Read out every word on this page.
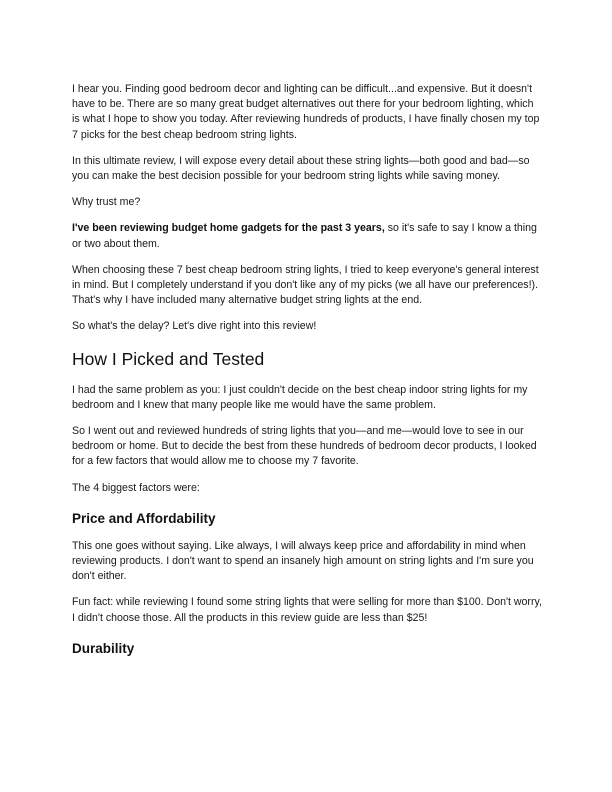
I hear you. Finding good bedroom decor and lighting can be difficult...and expensive. But it doesn't have to be. There are so many great budget alternatives out there for your bedroom lighting, which is what I hope to show you today. After reviewing hundreds of products, I have finally chosen my top 7 picks for the best cheap bedroom string lights.

In this ultimate review, I will expose every detail about these string lights—both good and bad—so you can make the best decision possible for your bedroom string lights while saving money.

Why trust me?

I've been reviewing budget home gadgets for the past 3 years, so it's safe to say I know a thing or two about them.

When choosing these 7 best cheap bedroom string lights, I tried to keep everyone's general interest in mind. But I completely understand if you don't like any of my picks (we all have our preferences!). That's why I have included many alternative budget string lights at the end.

So what's the delay? Let's dive right into this review!

How I Picked and Tested

I had the same problem as you: I just couldn't decide on the best cheap indoor string lights for my bedroom and I knew that many people like me would have the same problem.

So I went out and reviewed hundreds of string lights that you—and me—would love to see in our bedroom or home. But to decide the best from these hundreds of bedroom decor products, I looked for a few factors that would allow me to choose my 7 favorite.

The 4 biggest factors were:

Price and Affordability

This one goes without saying. Like always, I will always keep price and affordability in mind when reviewing products. I don't want to spend an insanely high amount on string lights and I'm sure you don't either.

Fun fact: while reviewing I found some string lights that were selling for more than $100. Don't worry, I didn't choose those. All the products in this review guide are less than $25!

Durability
